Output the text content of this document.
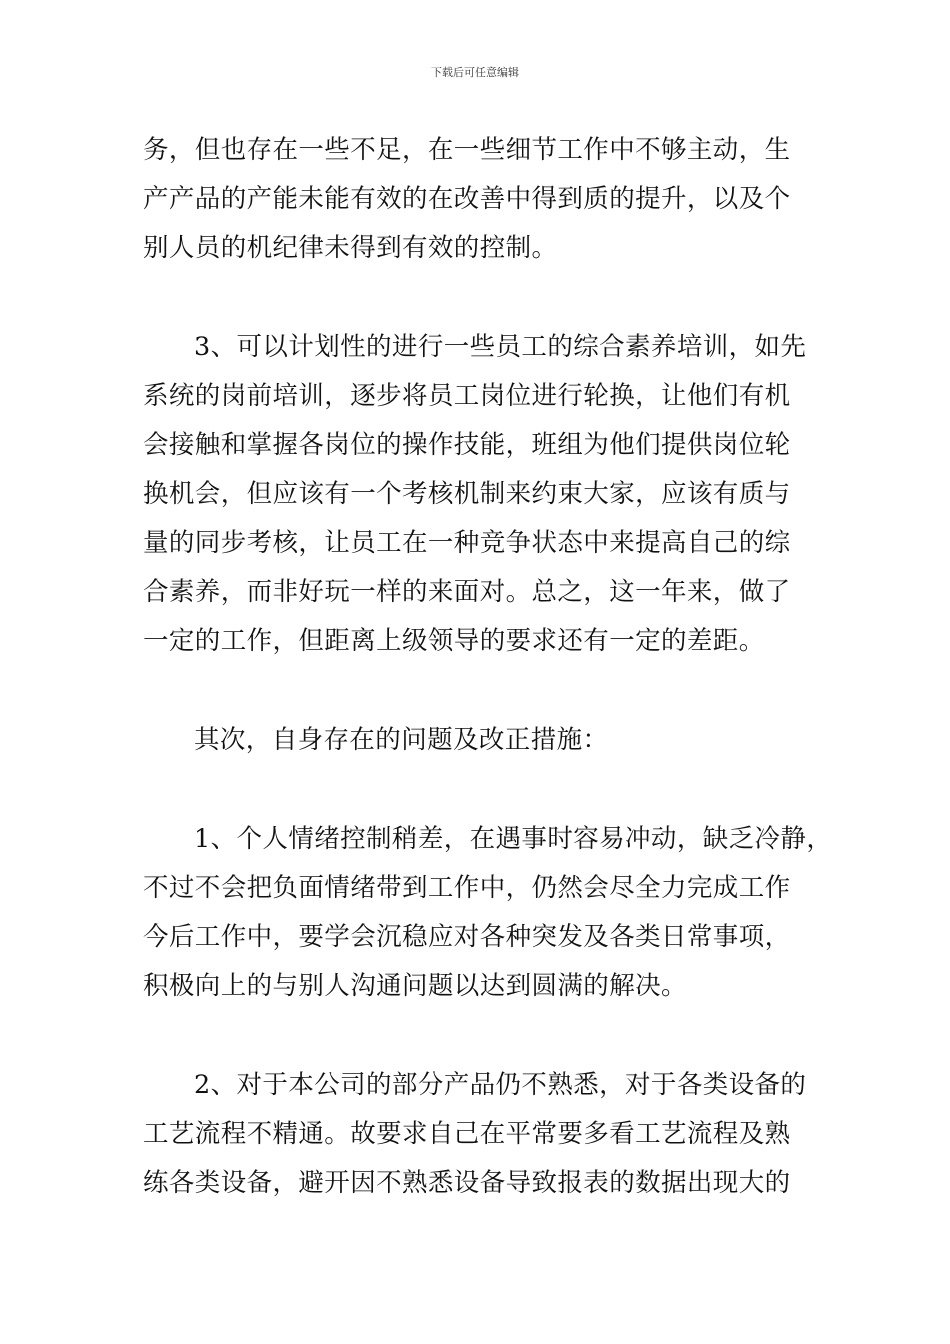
下载后可任意编辑
务，但也存在一些不足，在一些细节工作中不够主动，生
产产品的产能未能有效的在改善中得到质的提升，以及个
别人员的机纪律未得到有效的控制。
3、可以计划性的进行一些员工的综合素养培训，如先
系统的岗前培训，逐步将员工岗位进行轮换，让他们有机
会接触和掌握各岗位的操作技能，班组为他们提供岗位轮
换机会，但应该有一个考核机制来约束大家，应该有质与
量的同步考核，让员工在一种竞争状态中来提高自己的综
合素养，而非好玩一样的来面对。总之，这一年来，做了
一定的工作，但距离上级领导的要求还有一定的差距。
其次，自身存在的问题及改正措施：
1、个人情绪控制稍差，在遇事时容易冲动，缺乏冷静，
不过不会把负面情绪带到工作中，仍然会尽全力完成工作
今后工作中，要学会沉稳应对各种突发及各类日常事项，
积极向上的与别人沟通问题以达到圆满的解决。
2、对于本公司的部分产品仍不熟悉，对于各类设备的
工艺流程不精通。故要求自己在平常要多看工艺流程及熟
练各类设备，避开因不熟悉设备导致报表的数据出现大的
